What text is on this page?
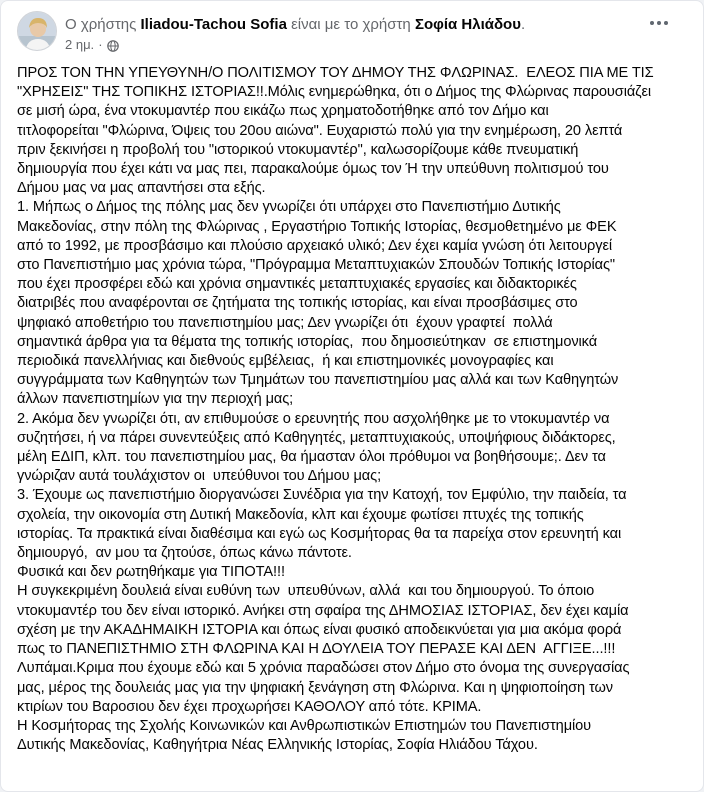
Ο χρήστης Iliadou-Tachou Sofia είναι με το χρήστη Σοφία Ηλιάδου.
2 ημ. ·

ΠΡΟΣ ΤΟΝ ΤΗΝ ΥΠΕΥΘΥΝΗ/Ο ΠΟΛΙΤΙΣΜΟΥ ΤΟΥ ΔΗΜΟΥ ΤΗΣ ΦΛΩΡΙΝΑΣ.  ΕΛΕΟΣ ΠΙΑ ΜΕ ΤΙΣ

"ΧΡΗΣΕΙΣ" ΤΗΣ ΤΟΠΙΚΗΣ ΙΣΤΟΡΙΑΣ!!.Μόλις ενημερώθηκα, ότι ο Δήμος της Φλώρινας παρουσιάζει

σε μισή ώρα, ένα ντοκυμαντέρ που εικάζω πως χρηματοδοτήθηκε από τον Δήμο και

τιτλοφορείται "Φλώρινα, Όψεις του 20ου αιώνα". Ευχαριστώ πολύ για την ενημέρωση, 20 λεπτά

πριν ξεκινήσει η προβολή του "ιστορικού ντοκυμαντέρ", καλωσορίζουμε κάθε πνευματική

δημιουργία που έχει κάτι να μας πει, παρακαλούμε όμως τον Ή την υπεύθυνη πολιτισμού του

Δήμου μας να μας απαντήσει στα εξής.

1. Μήπως ο Δήμος της πόλης μας δεν γνωρίζει ότι υπάρχει στο Πανεπιστήμιο Δυτικής

Μακεδονίας, στην πόλη της Φλώρινας , Εργαστήριο Τοπικής Ιστορίας, θεσμοθετημένο με ΦΕΚ

από το 1992, με προσβάσιμο και πλούσιο αρχειακό υλικό; Δεν έχει καμία γνώση ότι λειτουργεί

στο Πανεπιστήμιο μας χρόνια τώρα, "Πρόγραμμα Μεταπτυχιακών Σπουδών Τοπικής Ιστορίας"

που έχει προσφέρει εδώ και χρόνια σημαντικές μεταπτυχιακές εργασίες και διδακτορικές

διατριβές που αναφέρονται σε ζητήματα της τοπικής ιστορίας, και είναι προσβάσιμες στο

ψηφιακό αποθετήριο του πανεπιστημίου μας; Δεν γνωρίζει ότι  έχουν γραφτεί  πολλά

σημαντικά άρθρα για τα θέματα της τοπικής ιστορίας,  που δημοσιεύτηκαν  σε επιστημονικά

περιοδικά πανελλήνιας και διεθνούς εμβέλειας,  ή και επιστημονικές μονογραφίες και

συγγράμματα των Καθηγητών των Τμημάτων του πανεπιστημίου μας αλλά και των Καθηγητών

άλλων πανεπιστημίων για την περιοχή μας;

2. Ακόμα δεν γνωρίζει ότι, αν επιθυμούσε ο ερευνητής που ασχολήθηκε με το ντοκυμαντέρ να

συζητήσει, ή να πάρει συνεντεύξεις από Καθηγητές, μεταπτυχιακούς, υποψήφιους διδάκτορες,

μέλη ΕΔΙΠ, κλπ. του πανεπιστημίου μας, θα ήμασταν όλοι πρόθυμοι να βοηθήσουμε;. Δεν τα

γνώριζαν αυτά τουλάχιστον οι  υπεύθυνοι του Δήμου μας;

3. Έχουμε ως πανεπιστήμιο διοργανώσει Συνέδρια για την Κατοχή, τον Εμφύλιο, την παιδεία, τα

σχολεία, την οικονομία στη Δυτική Μακεδονία, κλπ και έχουμε φωτίσει πτυχές της τοπικής

ιστορίας. Τα πρακτικά είναι διαθέσιμα και εγώ ως Κοσμήτορας θα τα παρείχα στον ερευνητή και

δημιουργό,  αν μου τα ζητούσε, όπως κάνω πάντοτε.

Φυσικά και δεν ρωτηθήκαμε για ΤΙΠΟΤΑ!!!

Η συγκεκριμένη δουλειά είναι ευθύνη των  υπευθύνων, αλλά  και του δημιουργού. Το όποιο

ντοκυμαντέρ του δεν είναι ιστορικό. Ανήκει στη σφαίρα της ΔΗΜΟΣΙΑΣ ΙΣΤΟΡΙΑΣ, δεν έχει καμία

σχέση με την ΑΚΑΔΗΜΑΙΚΗ ΙΣΤΟΡΙΑ και όπως είναι φυσικό αποδεικνύεται για μια ακόμα φορά

πως το ΠΑΝΕΠΙΣΤΗΜΙΟ ΣΤΗ ΦΛΩΡΙΝΑ ΚΑΙ Η ΔΟΥΛΕΙΑ ΤΟΥ ΠΕΡΑΣΕ ΚΑΙ ΔΕΝ  ΑΓΓΙΞΕ...!!!

Λυπάμαι.Κριμα που έχουμε εδώ και 5 χρόνια παραδώσει στον Δήμο στο όνομα της συνεργασίας

μας, μέρος της δουλειάς μας για την ψηφιακή ξενάγηση στη Φλώρινα. Και η ψηφιοποίηση των

κτιρίων του Βαροσιου δεν έχει προχωρήσει ΚΑΘΟΛΟΥ από τότε. ΚΡΙΜΑ.

Η Κοσμήτορας της Σχολής Κοινωνικών και Ανθρωπιστικών Επιστημών του Πανεπιστημίου

Δυτικής Μακεδονίας, Καθηγήτρια Νέας Ελληνικής Ιστορίας, Σοφία Ηλιάδου Τάχου.
